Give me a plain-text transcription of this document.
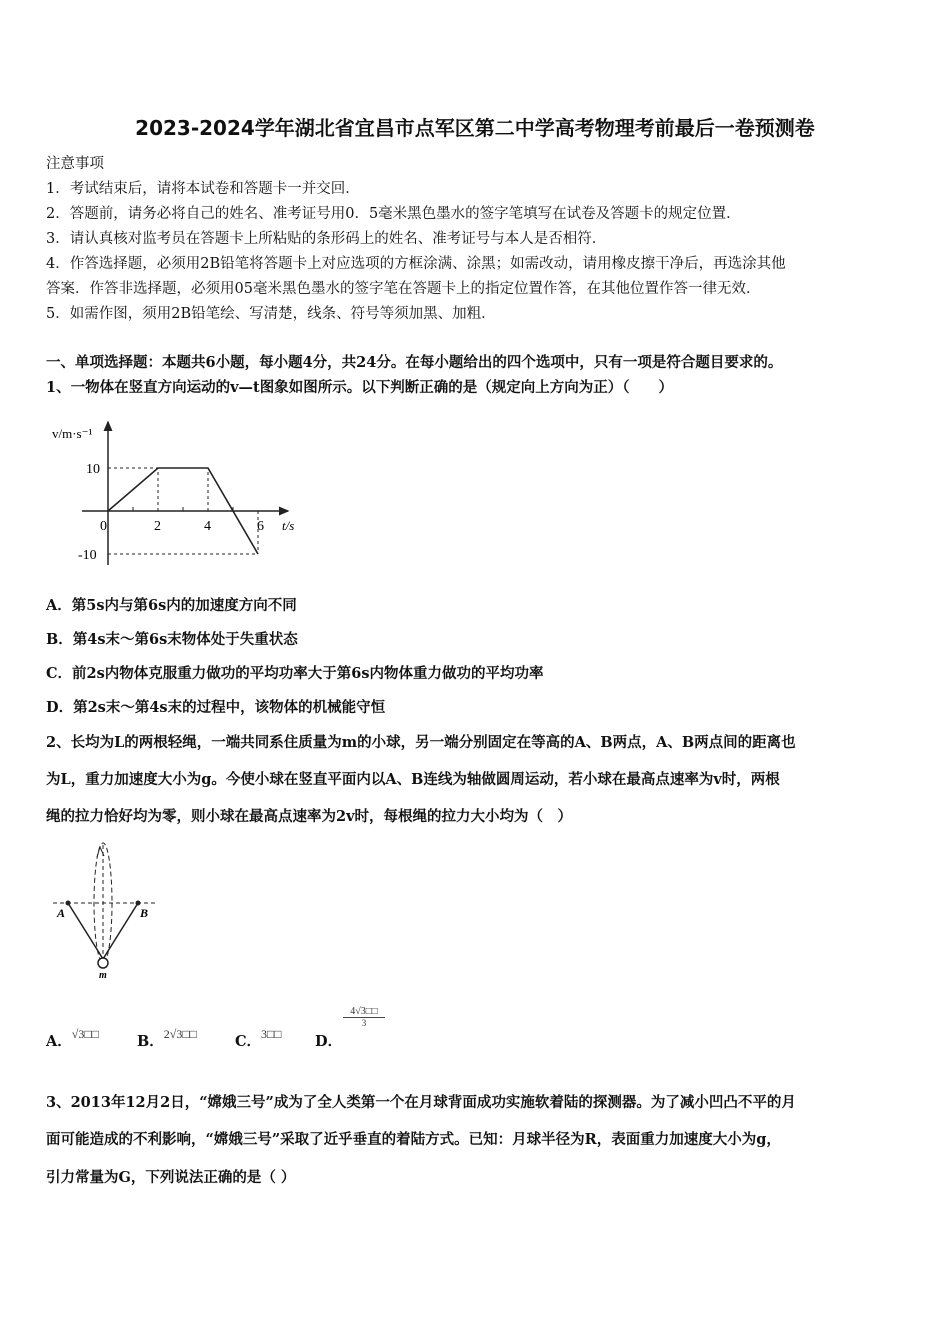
2023-2024学年湖北省宜昌市点军区第二中学高考物理考前最后一卷预测卷
注意事项
1．考试结束后，请将本试卷和答题卡一并交回．
2．答题前，请务必将自己的姓名、准考证号用0．5毫米黑色墨水的签字笔填写在试卷及答题卡的规定位置．
3．请认真核对监考员在答题卡上所粘贴的条形码上的姓名、准考证号与本人是否相符．
4．作答选择题，必须用2B铅笔将答题卡上对应选项的方框涂满、涂黑；如需改动，请用橡皮擦干净后，再选涂其他
答案．作答非选择题，必须用05毫米黑色墨水的签字笔在答题卡上的指定位置作答，在其他位置作答一律无效．
5．如需作图，须用2B铅笔绘、写清楚，线条、符号等须加黑、加粗．
一、单项选择题：本题共6小题，每小题4分，共24分。在每小题给出的四个选项中，只有一项是符合题目要求的。
1、一物体在竖直方向运动的v—t图象如图所示。以下判断正确的是（规定向上方向为正）（　　）
v/m·s⁻¹
t/s
0	2	4	6
10
-10
A．第5s内与第6s内的加速度方向不同
B．第4s末～第6s末物体处于失重状态
C．前2s内物体克服重力做功的平均功率大于第6s内物体重力做功的平均功率
D．第2s末～第4s末的过程中，该物体的机械能守恒
2、长均为L的两根轻绳，一端共同系住质量为m的小球，另一端分别固定在等高的A、B两点，A、B两点间的距离也
为L，重力加速度大小为g。今使小球在竖直平面内以A、B连线为轴做圆周运动，若小球在最高点速率为v时，两根
绳的拉力恰好均为零，则小球在最高点速率为2v时，每根绳的拉力大小均为（　）
A	B
m
A．$^{√3□□}$	B．$^{2√3□□}$	C．$^{3□□}$ D．
4√3□□
3
3、2013年12月2日，“嫦娥三号”成为了全人类第一个在月球背面成功实施软着陆的探测器。为了减小凹凸不平的月
面可能造成的不利影响，“嫦娥三号”采取了近乎垂直的着陆方式。已知：月球半径为R，表面重力加速度大小为g，
引力常量为G，下列说法正确的是（ ）
